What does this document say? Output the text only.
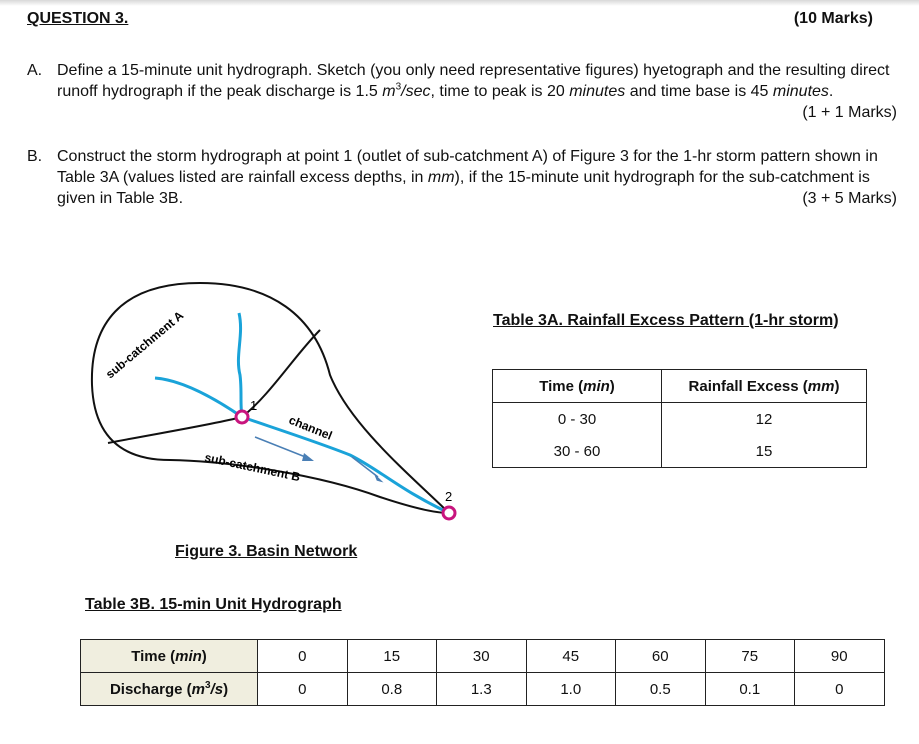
QUESTION 3.	(10 Marks)
A. Define a 15-minute unit hydrograph. Sketch (you only need representative figures) hyetograph and the resulting direct runoff hydrograph if the peak discharge is 1.5 $m^3/\sec$, time to peak is 20 minutes and time base is 45 minutes.
(1 + 1 Marks)
B. Construct the storm hydrograph at point 1 (outlet of sub-catchment A) of Figure 3 for the 1-hr storm pattern shown in Table 3A (values listed are rainfall excess depths, in mm), if the 15-minute unit hydrograph for the sub-catchment is given in Table 3B.	(3 + 5 Marks)
1
2
sub-catchment A
sub-catchment B
channel
Figure 3. Basin Network
Table 3A. Rainfall Excess Pattern (1-hr storm)
Time (min)	Rainfall Excess (mm)
0 - 30	12
30 - 60	15
Table 3B. 15-min Unit Hydrograph
Time (min)	0	15	30	45	60	75	90
Discharge $(m^3/s)$	0	0.8	1.3	1.0	0.5	0.1	0
